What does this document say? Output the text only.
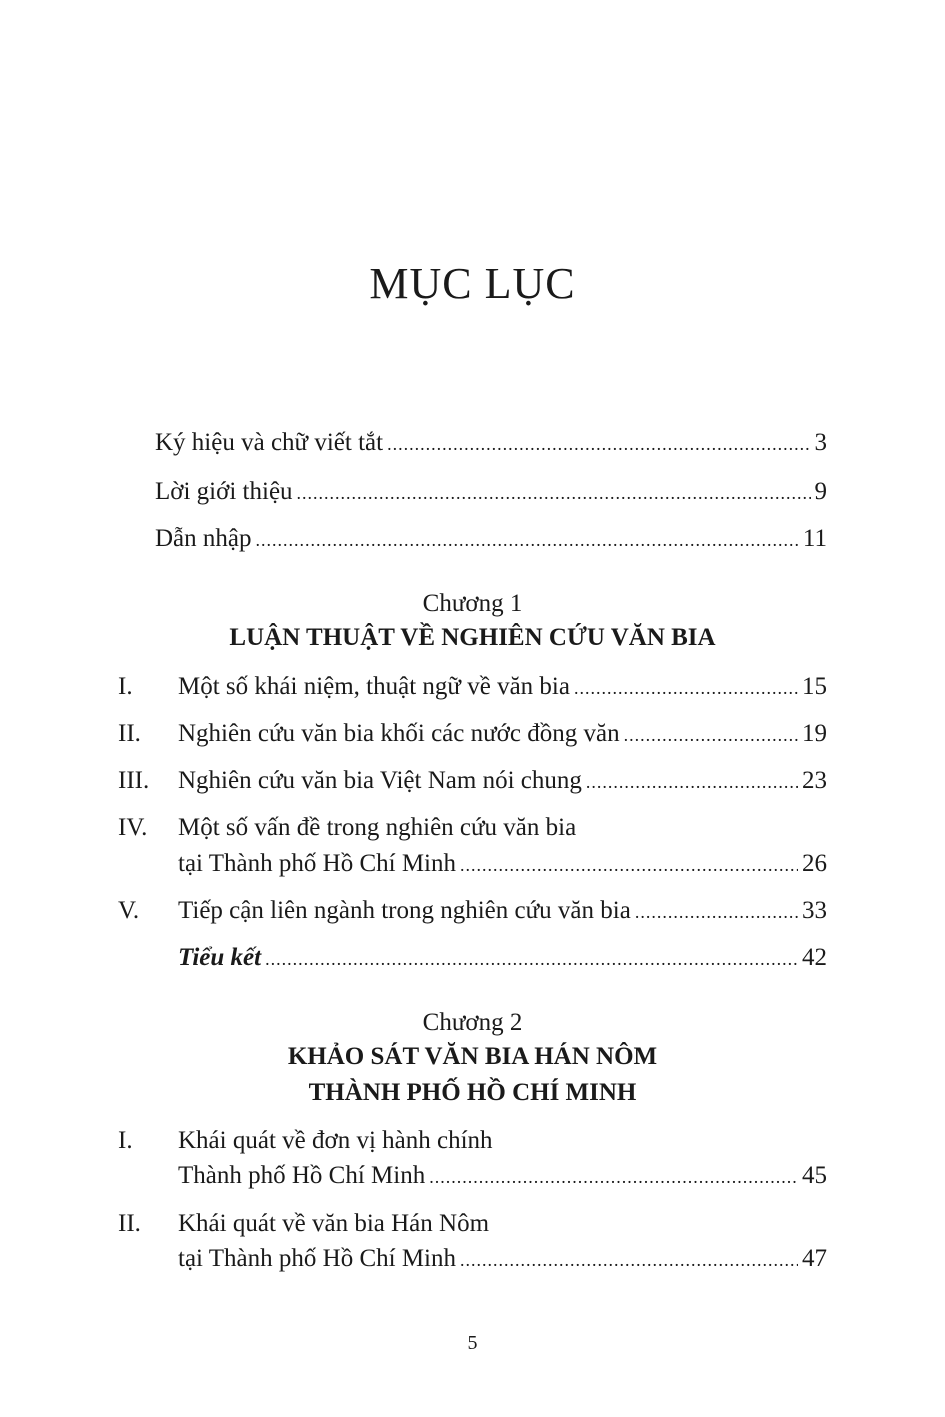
MỤC LỤC
Ký hiệu và chữ viết tắt .....	3
Lời giới thiệu .....	9
Dẫn nhập .....	11
Chương 1
LUẬN THUẬT VỀ NGHIÊN CỨU VĂN BIA
I. Một số khái niệm, thuật ngữ về văn bia .....	15
II. Nghiên cứu văn bia khối các nước đồng văn .....	19
III. Nghiên cứu văn bia Việt Nam nói chung .....	23
IV. Một số vấn đề trong nghiên cứu văn bia
tại Thành phố Hồ Chí Minh .....	26
V. Tiếp cận liên ngành trong nghiên cứu văn bia .....	33
Tiểu kết .....	42
Chương 2
KHẢO SÁT VĂN BIA HÁN NÔM
THÀNH PHỐ HỒ CHÍ MINH
I. Khái quát về đơn vị hành chính
Thành phố Hồ Chí Minh .....	45
II. Khái quát về văn bia Hán Nôm
tại Thành phố Hồ Chí Minh .....	47
5
